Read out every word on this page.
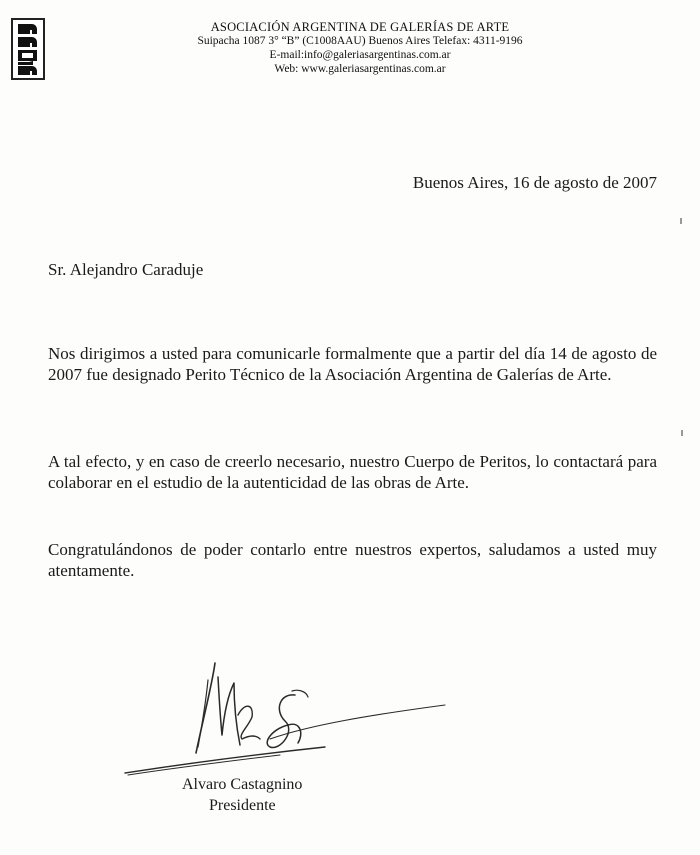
ASOCIACIÓN ARGENTINA DE GALERÍAS DE ARTE
Suipacha 1087 3° “B” (C1008AAU) Buenos Aires Telefax: 4311-9196
E-mail:info@galeriasargentinas.com.ar
Web: www.galeriasargentinas.com.ar
Buenos Aires, 16 de agosto de 2007
Sr. Alejandro Caraduje
Nos dirigimos a usted para comunicarle formalmente que a partir del día 14 de agosto de 2007 fue designado Perito Técnico de la Asociación Argentina de Galerías de Arte.
A tal efecto, y en caso de creerlo necesario, nuestro Cuerpo de Peritos, lo contactará para colaborar en el estudio de la autenticidad de las obras de Arte.
Congratulándonos de poder contarlo entre nuestros expertos, saludamos a usted muy atentamente.
Alvaro Castagnino
Presidente
